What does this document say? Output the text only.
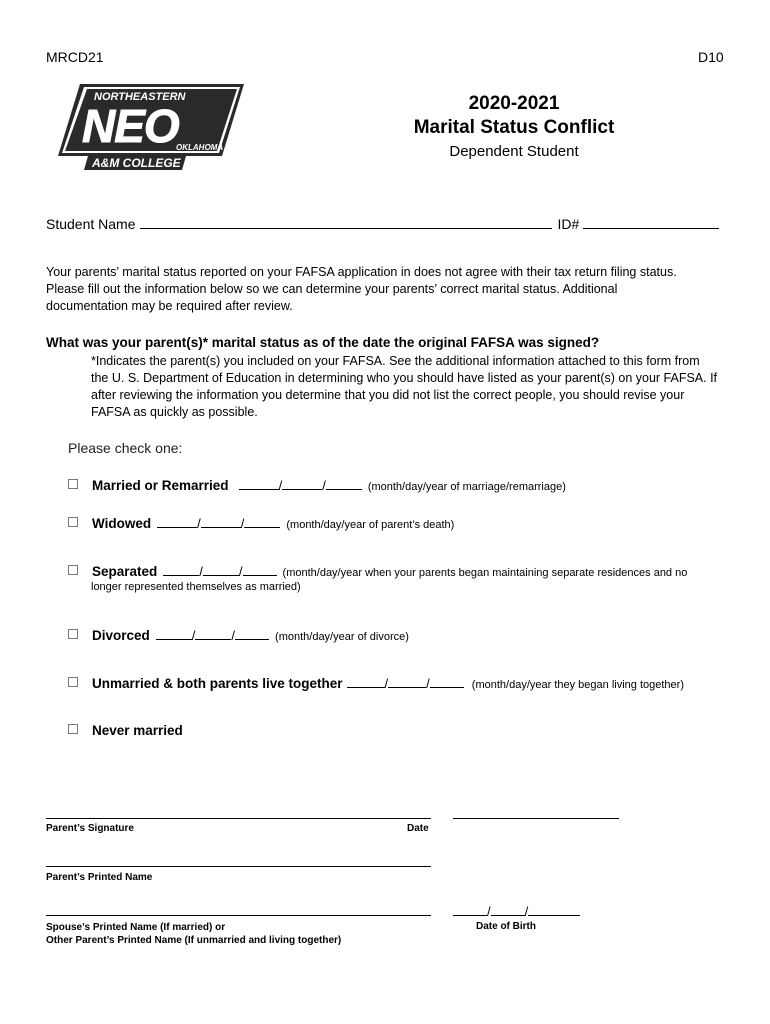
MRCD21	D10
NORTHEASTERN
NEO
OKLAHOMA
A&M COLLEGE
2020-2021
Marital Status Conflict
Dependent Student
Student Name	ID#
Your parents’ marital status reported on your FAFSA application in does not agree with their tax return filing status.
Please fill out the information below so we can determine your parents’ correct marital status. Additional
documentation may be required after review.
What was your parent(s)* marital status as of the date the original FAFSA was signed?
*Indicates the parent(s) you included on your FAFSA. See the additional information attached to this form from
the U. S. Department of Education in determining who you should have listed as your parent(s) on your FAFSA. If
after reviewing the information you determine that you did not list the correct people, you should revise your
FAFSA as quickly as possible.
Please check one:
Married or Remarried	/	/	(month/day/year of marriage/remarriage)
Widowed	/	/	(month/day/year of parent’s death)
Separated	/	/	(month/day/year when your parents began maintaining separate residences and no
longer represented themselves as married)
Divorced	/	/	(month/day/year of divorce)
Unmarried & both parents live together	/	/	(month/day/year they began living together)
Never married
Parent’s Signature	Date
Parent’s Printed Name
Spouse’s Printed Name (If married) or
Other Parent’s Printed Name (If unmarried and living together)
/	/
Date of Birth
